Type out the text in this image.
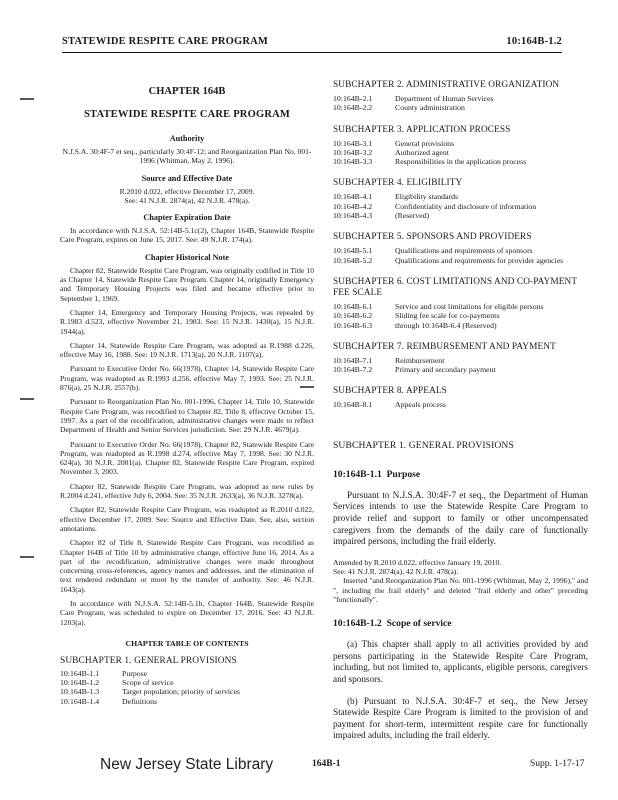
STATEWIDE RESPITE CARE PROGRAM	10:164B-1.2
CHAPTER 164B
STATEWIDE RESPITE CARE PROGRAM
Authority
N.J.S.A. 30:4F-7 et seq., particularly 30:4F-12; and Reorganization Plan No. 001-1996 (Whitman, May 2, 1996).
Source and Effective Date
R.2010 d.022, effective December 17, 2009.
See: 41 N.J.R. 2874(a), 42 N.J.R. 478(a).
Chapter Expiration Date
In accordance with N.J.S.A. 52:14B-5.1c(2), Chapter 164B, Statewide Respite Care Program, expires on June 15, 2017. See: 49 N.J.R. 174(a).
Chapter Historical Note
Chapter 82, Statewide Respite Care Program, was originally codified in Title 10 as Chapter 14, Statewide Respite Care Program. Chapter 14, originally Emergency and Temporary Housing Projects was filed and became effective prior to September 1, 1969.
Chapter 14, Emergency and Temporary Housing Projects, was repealed by R.1983 d.523, effective November 21, 1983. See: 15 N.J.R. 1430(a), 15 N.J.R. 1944(a).
Chapter 14, Statewide Respite Care Program, was adopted as R.1988 d.226, effective May 16, 1988. See: 19 N.J.R. 1713(a), 20 N.J.R. 1107(a).
Pursuant to Executive Order No. 66(1978), Chapter 14, Statewide Respite Care Program, was readopted as R.1993 d.256, effective May 7, 1993. See: 25 N.J.R. 876(a), 25 N.J.R. 2557(b).
Pursuant to Reorganization Plan No. 001-1996, Chapter 14, Title 10, Statewide Respite Care Program, was recodified to Chapter 82, Title 8, effective October 15, 1997. As a part of the recodification, administrative changes were made to reflect Department of Health and Senior Services jurisdiction. See: 29 N.J.R. 4679(a).
Pursuant to Executive Order No. 66(1978), Chapter 82, Statewide Respite Care Program, was readopted as R.1998 d.274, effective May 7, 1998. See: 30 N.J.R. 624(a), 30 N.J.R. 2001(a). Chapter 82, Statewide Respite Care Program, expired November 3, 2003.
Chapter 82, Statewide Respite Care Program, was adopted as new rules by R.2004 d.241, effective July 6, 2004. See: 35 N.J.R. 2633(a), 36 N.J.R. 3278(a).
Chapter 82, Statewide Respite Care Program, was readopted as R.2010 d.022, effective December 17, 2009. See: Source and Effective Date. See, also, section annotations.
Chapter 82 of Title 8, Statewide Respite Care Program, was recodified as Chapter 164B of Title 10 by administrative change, effective June 16, 2014. As a part of the recodification, administrative changes were made throughout concerning cross-references, agency names and addresses, and the elimination of text rendered redundant or moot by the transfer of authority. See: 46 N.J.R. 1643(a).
In accordance with N.J.S.A. 52:14B-5.1b, Chapter 164B, Statewide Respite Care Program, was scheduled to expire on December 17, 2016. See: 43 N.J.R. 1203(a).
CHAPTER TABLE OF CONTENTS
SUBCHAPTER 1. GENERAL PROVISIONS
10:164B-1.1	Purpose
10:164B-1.2	Scope of service
10:164B-1.3	Target population; priority of services
10:164B-1.4	Definitions
SUBCHAPTER 2. ADMINISTRATIVE ORGANIZATION
10:164B-2.1	Department of Human Services
10:164B-2.2	County administration
SUBCHAPTER 3. APPLICATION PROCESS
10:164B-3.1	General provisions
10:164B-3.2	Authorized agent
10:164B-3.3	Responsibilities in the application process
SUBCHAPTER 4. ELIGIBILITY
10:164B-4.1	Eligibility standards
10:164B-4.2	Confidentiality and disclosure of information
10:164B-4.3	(Reserved)
SUBCHAPTER 5. SPONSORS AND PROVIDERS
10:164B-5.1	Qualifications and requirements of sponsors
10:164B-5.2	Qualifications and requirements for provider agencies
SUBCHAPTER 6. COST LIMITATIONS AND CO-PAYMENT FEE SCALE
10:164B-6.1	Service and cost limitations for eligible persons
10:164B-6.2	Sliding fee scale for co-payments
10:164B-6.3	through 10:164B-6.4 (Reserved)
SUBCHAPTER 7. REIMBURSEMENT AND PAYMENT
10:164B-7.1	Reimbursement
10:164B-7.2	Primary and secondary payment
SUBCHAPTER 8. APPEALS
10:164B-8.1	Appeals process
SUBCHAPTER 1. GENERAL PROVISIONS
10:164B-1.1 Purpose
Pursuant to N.J.S.A. 30:4F-7 et seq., the Department of Human Services intends to use the Statewide Respite Care Program to provide relief and support to family or other uncompensated caregivers from the demands of the daily care of functionally impaired persons, including the frail elderly.
Amended by R.2010 d.022, effective January 19, 2010.
See: 41 N.J.R. 2874(a), 42 N.J.R. 478(a).
Inserted "and Reorganization Plan No. 001-1996 (Whitman, May 2, 1996)," and ", including the frail elderly" and deleted "frail elderly and other" preceding "functionally".
10:164B-1.2 Scope of service
(a) This chapter shall apply to all activities provided by and persons participating in the Statewide Respite Care Program, including, but not limited to, applicants, eligible persons, caregivers and sponsors.
(b) Pursuant to N.J.S.A. 30:4F-7 et seq., the New Jersey Statewide Respite Care Program is limited to the provision of and payment for short-term, intermittent respite care for functionally impaired adults, including the frail elderly.
New Jersey State Library	164B-1	Supp. 1-17-17
